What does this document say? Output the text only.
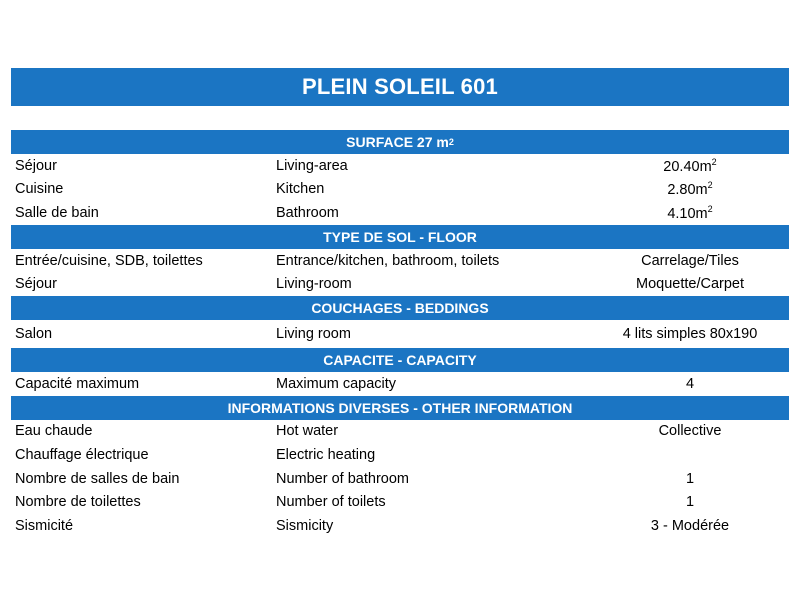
PLEIN SOLEIL 601
SURFACE 27 m 2
Séjour	Living-area	$20.40m^2$
Cuisine	Kitchen	$2.80m^2$
Salle de bain	Bathroom	$4.10m^2$
TYPE DE SOL - FLOOR
Entrée/cuisine, SDB, toilettes	Entrance/kitchen, bathroom, toilets	Carrelage/Tiles
Séjour	Living-room	Moquette/Carpet
COUCHAGES - BEDDINGS
Salon	Living room	4 lits simples 80x190
CAPACITE - CAPACITY
Capacité maximum	Maximum capacity	4
INFORMATIONS DIVERSES - OTHER INFORMATION
Eau chaude	Hot water	Collective
Chauffage électrique	Electric heating
Nombre de salles de bain	Number of bathroom	1
Nombre de toilettes	Number of toilets	1
Sismicité	Sismicity	3 - Modérée
